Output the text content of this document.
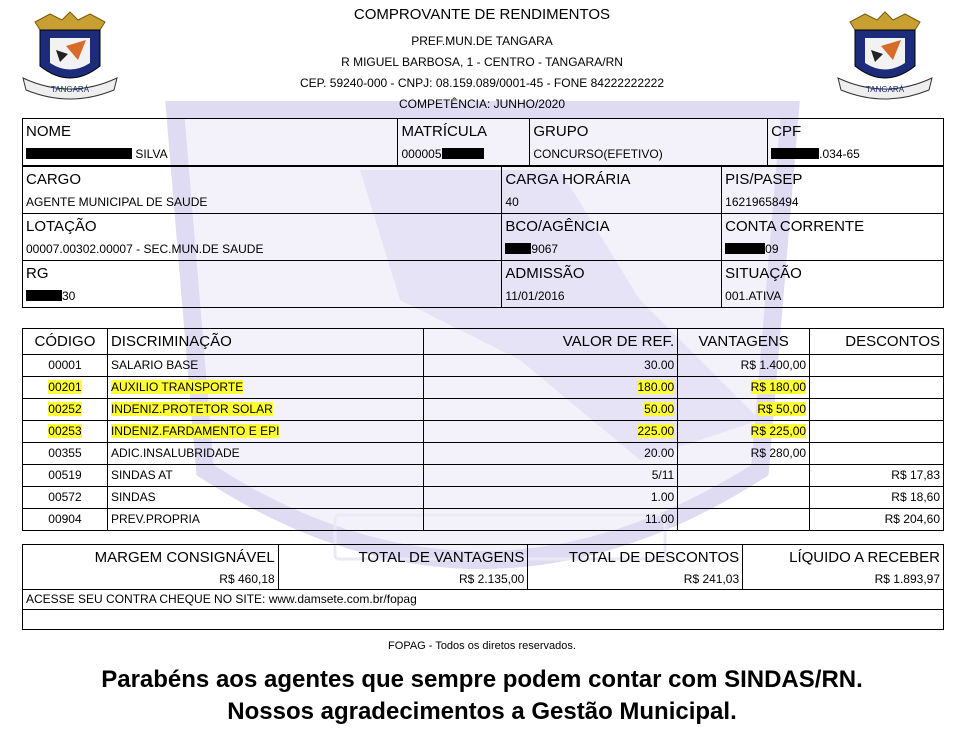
TANGARÁ	TANGARÁ
COMPROVANTE DE RENDIMENTOS
PREF.MUN.DE TANGARA
R MIGUEL BARBOSA, 1 - CENTRO - TANGARA/RN
CEP. 59240-000 - CNPJ: 08.159.089/0001-45 - FONE 84222222222
COMPETÊNCIA: JUNHO/2020
NOME	MATRÍCULA	GRUPO	CPF
SILVA	000005	CONCURSO(EFETIVO)	.034-65

CARGO	CARGA HORÁRIA	PIS/PASEP
AGENTE MUNICIPAL DE SAUDE	40	16219658494
LOTAÇÃO	BCO/AGÊNCIA	CONTA CORRENTE
00007.00302.00007 - SEC.MUN.DE SAUDE	9067	09
RG	ADMISSÃO	SITUAÇÃO
30	11/01/2016	001.ATIVA
CÓDIGO	DISCRIMINAÇÃO	VALOR DE REF.	VANTAGENS	DESCONTOS
00001	SALARIO BASE	30.00	R$ 1.400,00	
00201	AUXILIO TRANSPORTE	180.00	R$ 180,00	
00252	INDENIZ.PROTETOR SOLAR	50.00	R$ 50,00	
00253	INDENIZ.FARDAMENTO E EPI	225.00	R$ 225,00	
00355	ADIC.INSALUBRIDADE	20.00	R$ 280,00	
00519	SINDAS AT	5/11		R$ 17,83
00572	SINDAS	1.00		R$ 18,60
00904	PREV.PROPRIA	11.00		R$ 204,60
MARGEM CONSIGNÁVEL	TOTAL DE VANTAGENS	TOTAL DE DESCONTOS	LÍQUIDO A RECEBER
R$ 460,18	R$ 2.135,00	R$ 241,03	R$ 1.893,97
ACESSE SEU CONTRA CHEQUE NO SITE: www.damsete.com.br/fopag			

FOPAG - Todos os diretos reservados.
Parabéns aos agentes que sempre podem contar com SINDAS/RN.
Nossos agradecimentos a Gestão Municipal.
